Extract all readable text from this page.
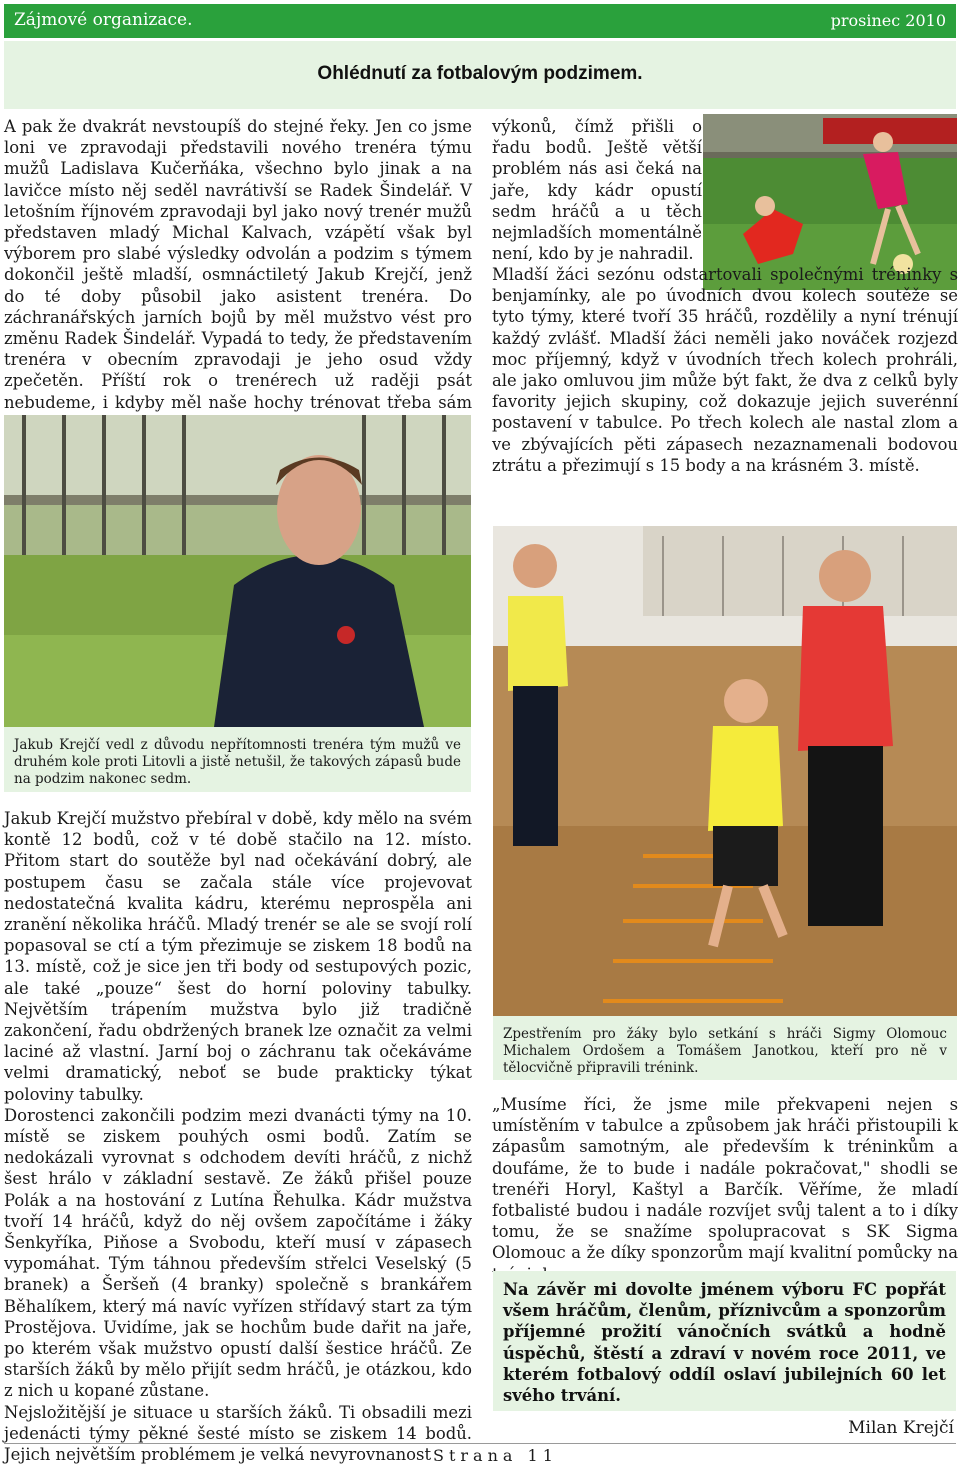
Zájmové organizace.	prosinec 2010
Ohlédnutí za fotbalovým podzimem.

A pak že dvakrát nevstoupíš do stejné řeky. Jen co jsme loni ve zpravodaji představili nového trenéra týmu mužů Ladislava Kučerňáka, všechno bylo jinak a na lavičce místo něj seděl navrátivší se Radek Šindelář. V letošním říjnovém zpravodaji byl jako nový trenér mužů představen mladý Michal Kalvach, vzápětí však byl výborem pro slabé výsledky odvolán a podzim s týmem dokončil ještě mladší, osmnáctiletý Jakub Krejčí, jenž do té doby působil jako asistent trenéra. Do záchranářských jarních bojů by měl mužstvo vést pro změnu Radek Šindelář. Vypadá to tedy, že představením trenéra v obecním zpravodaji je jeho osud vždy zpečetěn. Příští rok o trenérech už raději psát nebudeme, i kdyby měl naše hochy trénovat třeba sám

Jakub Krejčí vedl z důvodu nepřítomnosti trenéra tým mužů ve druhém kole proti Litovli a jistě netušil, že takových zápasů bude na podzim nakonec sedm.

Jakub Krejčí mužstvo přebíral v době, kdy mělo na svém kontě 12 bodů, což v té době stačilo na 12. místo. Přitom start do soutěže byl nad očekávání dobrý, ale postupem času se začala stále více projevovat nedostatečná kvalita kádru, kterému neprospěla ani zranění několika hráčů. Mladý trenér se ale se svojí rolí popasoval se ctí a tým přezimuje se ziskem 18 bodů na 13. místě, což je sice jen tři body od sestupových pozic, ale také „pouze“ šest do horní poloviny tabulky. Největším trápením mužstva bylo již tradičně zakončení, řadu obdržených branek lze označit za velmi laciné až vlastní. Jarní boj o záchranu tak očekáváme velmi dramatický, neboť se bude prakticky týkat poloviny tabulky.

Dorostenci zakončili podzim mezi dvanácti týmy na 10. místě se ziskem pouhých osmi bodů. Zatím se nedokázali vyrovnat s odchodem devíti hráčů, z nichž šest hrálo v základní sestavě. Ze žáků přišel pouze Polák a na hostování z Lutína Řehulka. Kádr mužstva tvoří 14 hráčů, když do něj ovšem započítáme i žáky Šenkyříka, Piňose a Svobodu, kteří musí v zápasech vypomáhat. Tým táhnou především střelci Veselský (5 branek) a Šeršeň (4 branky) společně s brankářem Běhalíkem, který má navíc vyřízen střídavý start za tým Prostějova. Uvidíme, jak se hochům bude dařit na jaře, po kterém však mužstvo opustí další šestice hráčů. Ze starších žáků by mělo přijít sedm hráčů, je otázkou, kdo z nich u kopané zůstane.

Nejsložitější je situace u starších žáků. Ti obsadili mezi jedenácti týmy pěkné šesté místo se ziskem 14 bodů. Jejich největším problémem je velká nevyrovnanost

výkonů, čímž přišli o řadu bodů. Ještě větší problém nás asi čeká na jaře, kdy kádr opustí sedm hráčů a u těch nejmladších momentálně není, kdo by je nahradil.

Mladší žáci sezónu odstartovali společnými tréninky s benjamínky, ale po úvodních dvou kolech soutěže se tyto týmy, které tvoří 35 hráčů, rozdělily a nyní trénují každý zvlášť. Mladší žáci neměli jako nováček rozjezd moc příjemný, když v úvodních třech kolech prohráli, ale jako omluvou jim může být fakt, že dva z celků byly favority jejich skupiny, což dokazuje jejich suverénní postavení v tabulce. Po třech kolech ale nastal zlom a ve zbývajících pěti zápasech nezaznamenali bodovou ztrátu a přezimují s 15 body a na krásném 3. místě.

Zpestřením pro žáky bylo setkání s hráči Sigmy Olomouc Michalem Ordošem a Tomášem Janotkou, kteří pro ně v tělocvičně připravili trénink.

„Musíme říci, že jsme mile překvapeni nejen s umístěním v tabulce a způsobem jak hráči přistoupili k zápasům samotným, ale především k tréninkům a doufáme, že to bude i nadále pokračovat," shodli se trenéři Horyl, Kaštyl a Barčík. Věříme, že mladí fotbalisté budou i nadále rozvíjet svůj talent a to i díky tomu, že se snažíme spolupracovat s SK Sigma Olomouc a že díky sponzorům mají kvalitní pomůcky na

Na závěr mi dovolte jménem výboru FC popřát všem hráčům, členům, příznivcům a sponzorům příjemné prožití vánočních svátků a hodně úspěchů, štěstí a zdraví v novém roce 2011, ve kterém fotbalový oddíl oslaví jubilejních 60 let svého trvání.
Milan Krejčí
Strana 11
